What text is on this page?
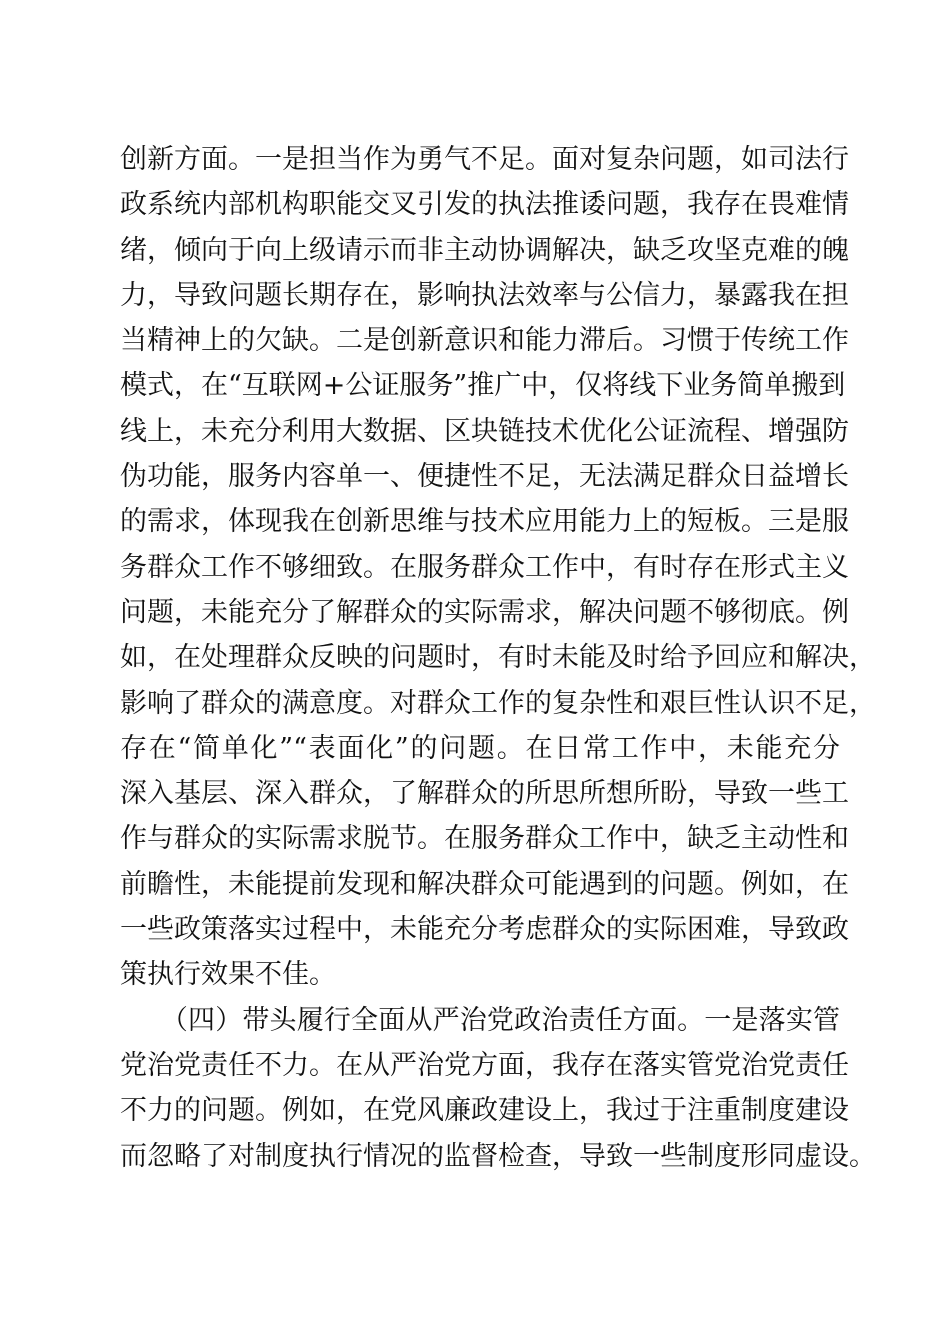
创新方面。一是担当作为勇气不足。面对复杂问题，如司法行
政系统内部机构职能交叉引发的执法推诿问题，我存在畏难情
绪，倾向于向上级请示而非主动协调解决，缺乏攻坚克难的魄
力，导致问题长期存在，影响执法效率与公信力，暴露我在担
当精神上的欠缺。二是创新意识和能力滞后。习惯于传统工作
模式，在“互联网+公证服务”推广中，仅将线下业务简单搬到
线上，未充分利用大数据、区块链技术优化公证流程、增强防
伪功能，服务内容单一、便捷性不足，无法满足群众日益增长
的需求，体现我在创新思维与技术应用能力上的短板。三是服
务群众工作不够细致。在服务群众工作中，有时存在形式主义
问题，未能充分了解群众的实际需求，解决问题不够彻底。例
如，在处理群众反映的问题时，有时未能及时给予回应和解决，
影响了群众的满意度。对群众工作的复杂性和艰巨性认识不足，
存在“简单化”“表面化”的问题。在日常工作中，未能充分
深入基层、深入群众，了解群众的所思所想所盼，导致一些工
作与群众的实际需求脱节。在服务群众工作中，缺乏主动性和
前瞻性，未能提前发现和解决群众可能遇到的问题。例如，在
一些政策落实过程中，未能充分考虑群众的实际困难，导致政
策执行效果不佳。
　　（四）带头履行全面从严治党政治责任方面。一是落实管
党治党责任不力。在从严治党方面，我存在落实管党治党责任
不力的问题。例如，在党风廉政建设上，我过于注重制度建设
而忽略了对制度执行情况的监督检查，导致一些制度形同虚设。
